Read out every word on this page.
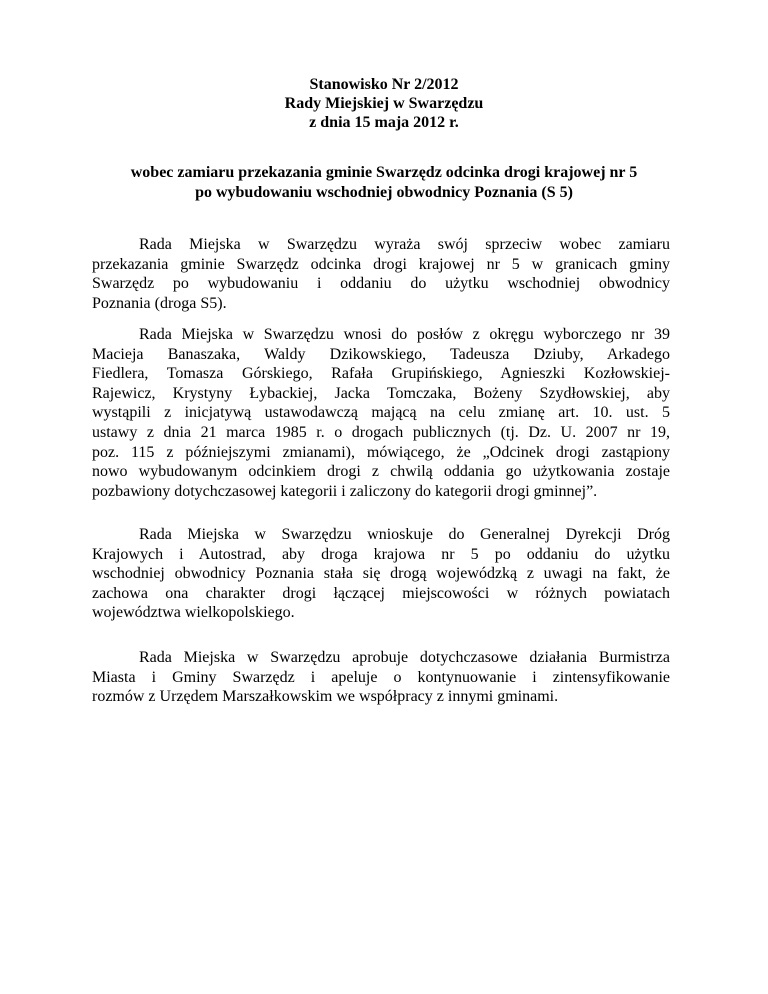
Stanowisko Nr 2/2012
Rady Miejskiej w Swarzędzu
z dnia 15 maja 2012 r.
wobec zamiaru przekazania gminie Swarzędz odcinka drogi krajowej nr 5
po wybudowaniu wschodniej obwodnicy Poznania (S 5)
Rada Miejska w Swarzędzu wyraża swój sprzeciw wobec zamiaru
przekazania gminie Swarzędz odcinka drogi krajowej nr 5 w granicach gminy
Swarzędz po wybudowaniu i oddaniu do użytku wschodniej obwodnicy
Poznania (droga S5).
Rada Miejska w Swarzędzu wnosi do posłów z okręgu wyborczego nr 39
Macieja Banaszaka, Waldy Dzikowskiego, Tadeusza Dziuby, Arkadego
Fiedlera, Tomasza Górskiego, Rafała Grupińskiego, Agnieszki Kozłowskiej-
Rajewicz, Krystyny Łybackiej, Jacka Tomczaka, Bożeny Szydłowskiej, aby
wystąpili z inicjatywą ustawodawczą mającą na celu zmianę art. 10. ust. 5
ustawy z dnia 21 marca 1985 r. o drogach publicznych (tj. Dz. U. 2007 nr 19,
poz. 115 z późniejszymi zmianami), mówiącego, że „Odcinek drogi zastąpiony
nowo wybudowanym odcinkiem drogi z chwilą oddania go użytkowania zostaje
pozbawiony dotychczasowej kategorii i zaliczony do kategorii drogi gminnej”.
Rada Miejska w Swarzędzu wnioskuje do Generalnej Dyrekcji Dróg
Krajowych i Autostrad, aby droga krajowa nr 5 po oddaniu do użytku
wschodniej obwodnicy Poznania stała się drogą wojewódzką z uwagi na fakt, że
zachowa ona charakter drogi łączącej miejscowości w różnych powiatach
województwa wielkopolskiego.
Rada Miejska w Swarzędzu aprobuje dotychczasowe działania Burmistrza
Miasta i Gminy Swarzędz i apeluje o kontynuowanie i zintensyfikowanie
rozmów z Urzędem Marszałkowskim we współpracy z innymi gminami.
